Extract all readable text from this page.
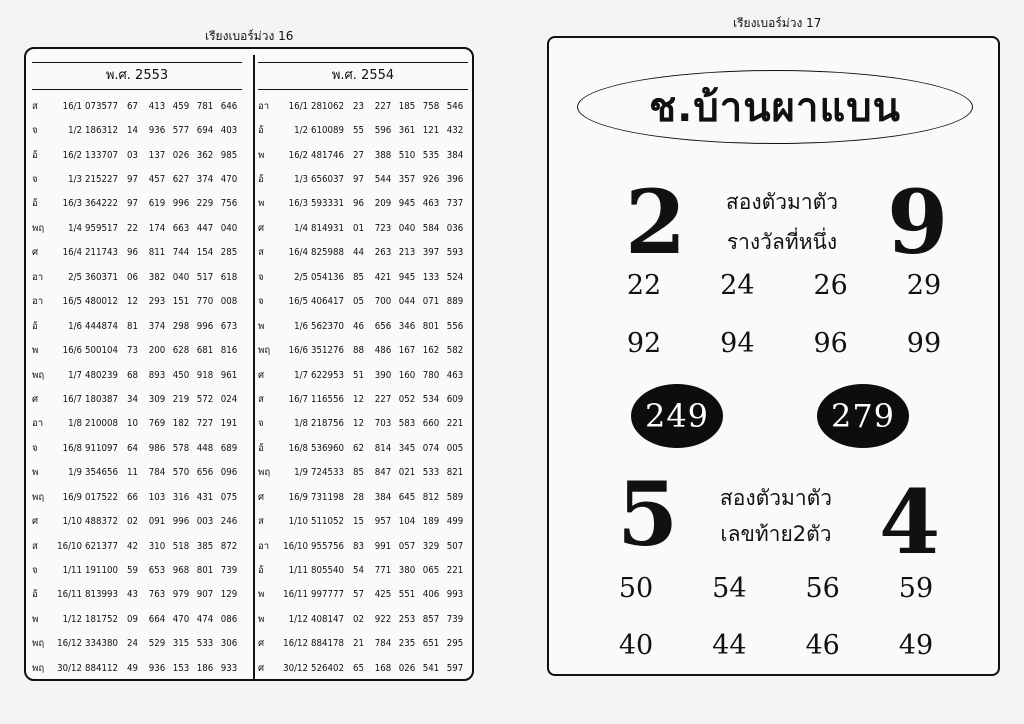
เรียงเบอร์ม่วง 16
เรียงเบอร์ม่วง 17
พ.ศ. 2553
ส	16/1 073577 67	413 459 781 646
จ	1/2 186312 14	936 577 694 403
อ้	16/2 133707 03	137 026 362 985
จ	1/3 215227 97	457 627 374 470
อ้	16/3 364222 97	619 996 229 756
พฤ	1/4 959517 22	174 663 447 040
ศ	16/4 211743 96	811 744 154 285
อา	2/5 360371 06	382 040 517 618
อา	16/5 480012 12	293 151 770 008
อ้	1/6 444874 81	374 298 996 673
พ	16/6 500104 73	200 628 681 816
พฤ	1/7 480239 68	893 450 918 961
ศ	16/7 180387 34	309 219 572 024
อา	1/8 210008 10	769 182 727 191
จ	16/8 911097 64	986 578 448 689
พ	1/9 354656 11	784 570 656 096
พฤ	16/9 017522 66	103 316 431 075
ศ	1/10 488372 02	091 996 003 246
ส	16/10 621377 42	310 518 385 872
จ	1/11 191100 59	653 968 801 739
อ้	16/11 813993 43	763 979 907 129
พ	1/12 181752 09	664 470 474 086
พฤ	16/12 334380 24	529 315 533 306
พฤ	30/12 884112 49	936 153 186 933
พ.ศ. 2554
อา	16/1 281062 23	227 185 758 546
อ้	1/2 610089 55	596 361 121 432
พ	16/2 481746 27	388 510 535 384
อ้	1/3 656037 97	544 357 926 396
พ	16/3 593331 96	209 945 463 737
ศ	1/4 814931 01	723 040 584 036
ส	16/4 825988 44	263 213 397 593
จ	2/5 054136 85	421 945 133 524
จ	16/5 406417 05	700 044 071 889
พ	1/6 562370 46	656 346 801 556
พฤ	16/6 351276 88	486 167 162 582
ศ	1/7 622953 51	390 160 780 463
ส	16/7 116556 12	227 052 534 609
จ	1/8 218756 12	703 583 660 221
อ้	16/8 536960 62	814 345 074 005
พฤ	1/9 724533 85	847 021 533 821
ศ	16/9 731198 28	384 645 812 589
ส	1/10 511052 15	957 104 189 499
อา	16/10 955756 83	991 057 329 507
อ้	1/11 805540 54	771 380 065 221
พ	16/11 997777 57	425 551 406 993
พ	1/12 408147 02	922 253 857 739
ศ	16/12 884178 21	784 235 651 295
ศ	30/12 526402 65	168 026 541 597
ช.บ้านผาแบน
2	สองตัวมาตัว
รางวัลที่หนึ่ง 9
22	24	26	29
92	94	96	99
249	279
5	สองตัวมาตัว
เลขท้าย2ตัว 4
50	54	56	59
40	44	46	49
